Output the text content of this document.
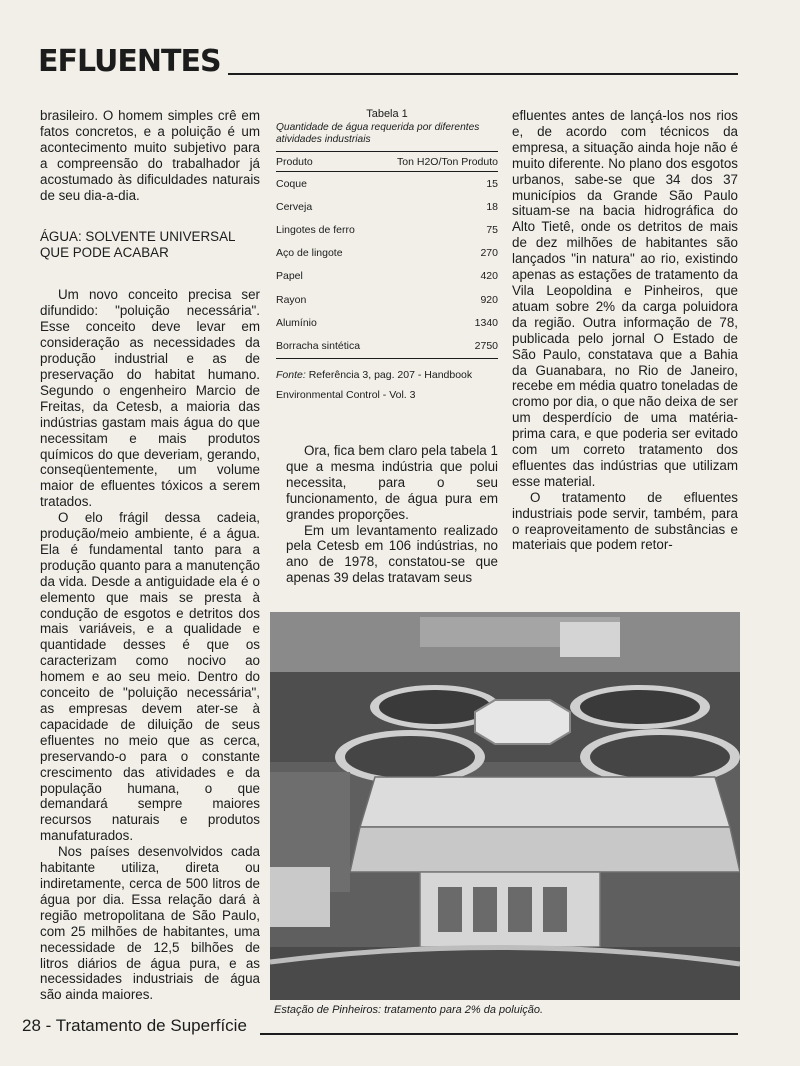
EFLUENTES

brasileiro. O homem simples crê em fatos concretos, e a poluição é um acontecimento muito subjetivo para a compreensão do trabalhador já acostumado às dificuldades naturais de seu dia-a-dia.

ÁGUA: SOLVENTE UNIVERSAL QUE PODE ACABAR

Um novo conceito precisa ser difundido: "poluição necessária". Esse conceito deve levar em consideração as necessidades da produção industrial e as de preservação do habitat humano. Segundo o engenheiro Marcio de Freitas, da Cetesb, a maioria das indústrias gastam mais água do que necessitam e mais produtos químicos do que deveriam, gerando, conseqüentemente, um volume maior de efluentes tóxicos a serem tratados.

O elo frágil dessa cadeia, produção/meio ambiente, é a água. Ela é fundamental tanto para a produção quanto para a manutenção da vida. Desde a antiguidade ela é o elemento que mais se presta à condução de esgotos e detritos dos mais variáveis, e a qualidade e quantidade desses é que os caracterizam como nocivo ao homem e ao seu meio. Dentro do conceito de "poluição necessária", as empresas devem ater-se à capacidade de diluição de seus efluentes no meio que as cerca, preservando-o para o constante crescimento das atividades e da população humana, o que demandará sempre maiores recursos naturais e produtos manufaturados.

Nos países desenvolvidos cada habitante utiliza, direta ou indiretamente, cerca de 500 litros de água por dia. Essa relação dará à região metropolitana de São Paulo, com 25 milhões de habitantes, uma necessidade de 12,5 bilhões de litros diários de água pura, e as necessidades industriais de água são ainda maiores.

Tabela 1
Quantidade de água requerida por diferentes atividades industriais
Produto	Ton H2O/Ton Produto
Coque	15
Cerveja	18
Lingotes de ferro	75
Aço de lingote	270
Papel	420
Rayon	920
Alumínio	1340
Borracha sintética	2750
Fonte: Referência 3, pag. 207 - Handbook Environmental Control - Vol. 3

Ora, fica bem claro pela tabela 1 que a mesma indústria que polui necessita, para o seu funcionamento, de água pura em grandes proporções.

Em um levantamento realizado pela Cetesb em 106 indústrias, no ano de 1978, constatou-se que apenas 39 delas tratavam seus

efluentes antes de lançá-los nos rios e, de acordo com técnicos da empresa, a situação ainda hoje não é muito diferente. No plano dos esgotos urbanos, sabe-se que 34 dos 37 municípios da Grande São Paulo situam-se na bacia hidrográfica do Alto Tietê, onde os detritos de mais de dez milhões de habitantes são lançados "in natura" ao rio, existindo apenas as estações de tratamento da Vila Leopoldina e Pinheiros, que atuam sobre 2% da carga poluidora da região. Outra informação de 78, publicada pelo jornal O Estado de São Paulo, constatava que a Bahia da Guanabara, no Rio de Janeiro, recebe em média quatro toneladas de cromo por dia, o que não deixa de ser um desperdício de uma matéria-prima cara, e que poderia ser evitado com um correto tratamento dos efluentes das indústrias que utilizam esse material.

O tratamento de efluentes industriais pode servir, também, para o reaproveitamento de substâncias e materiais que podem retor-

Estação de Pinheiros: tratamento para 2% da poluição.
28 - Tratamento de Superfície
